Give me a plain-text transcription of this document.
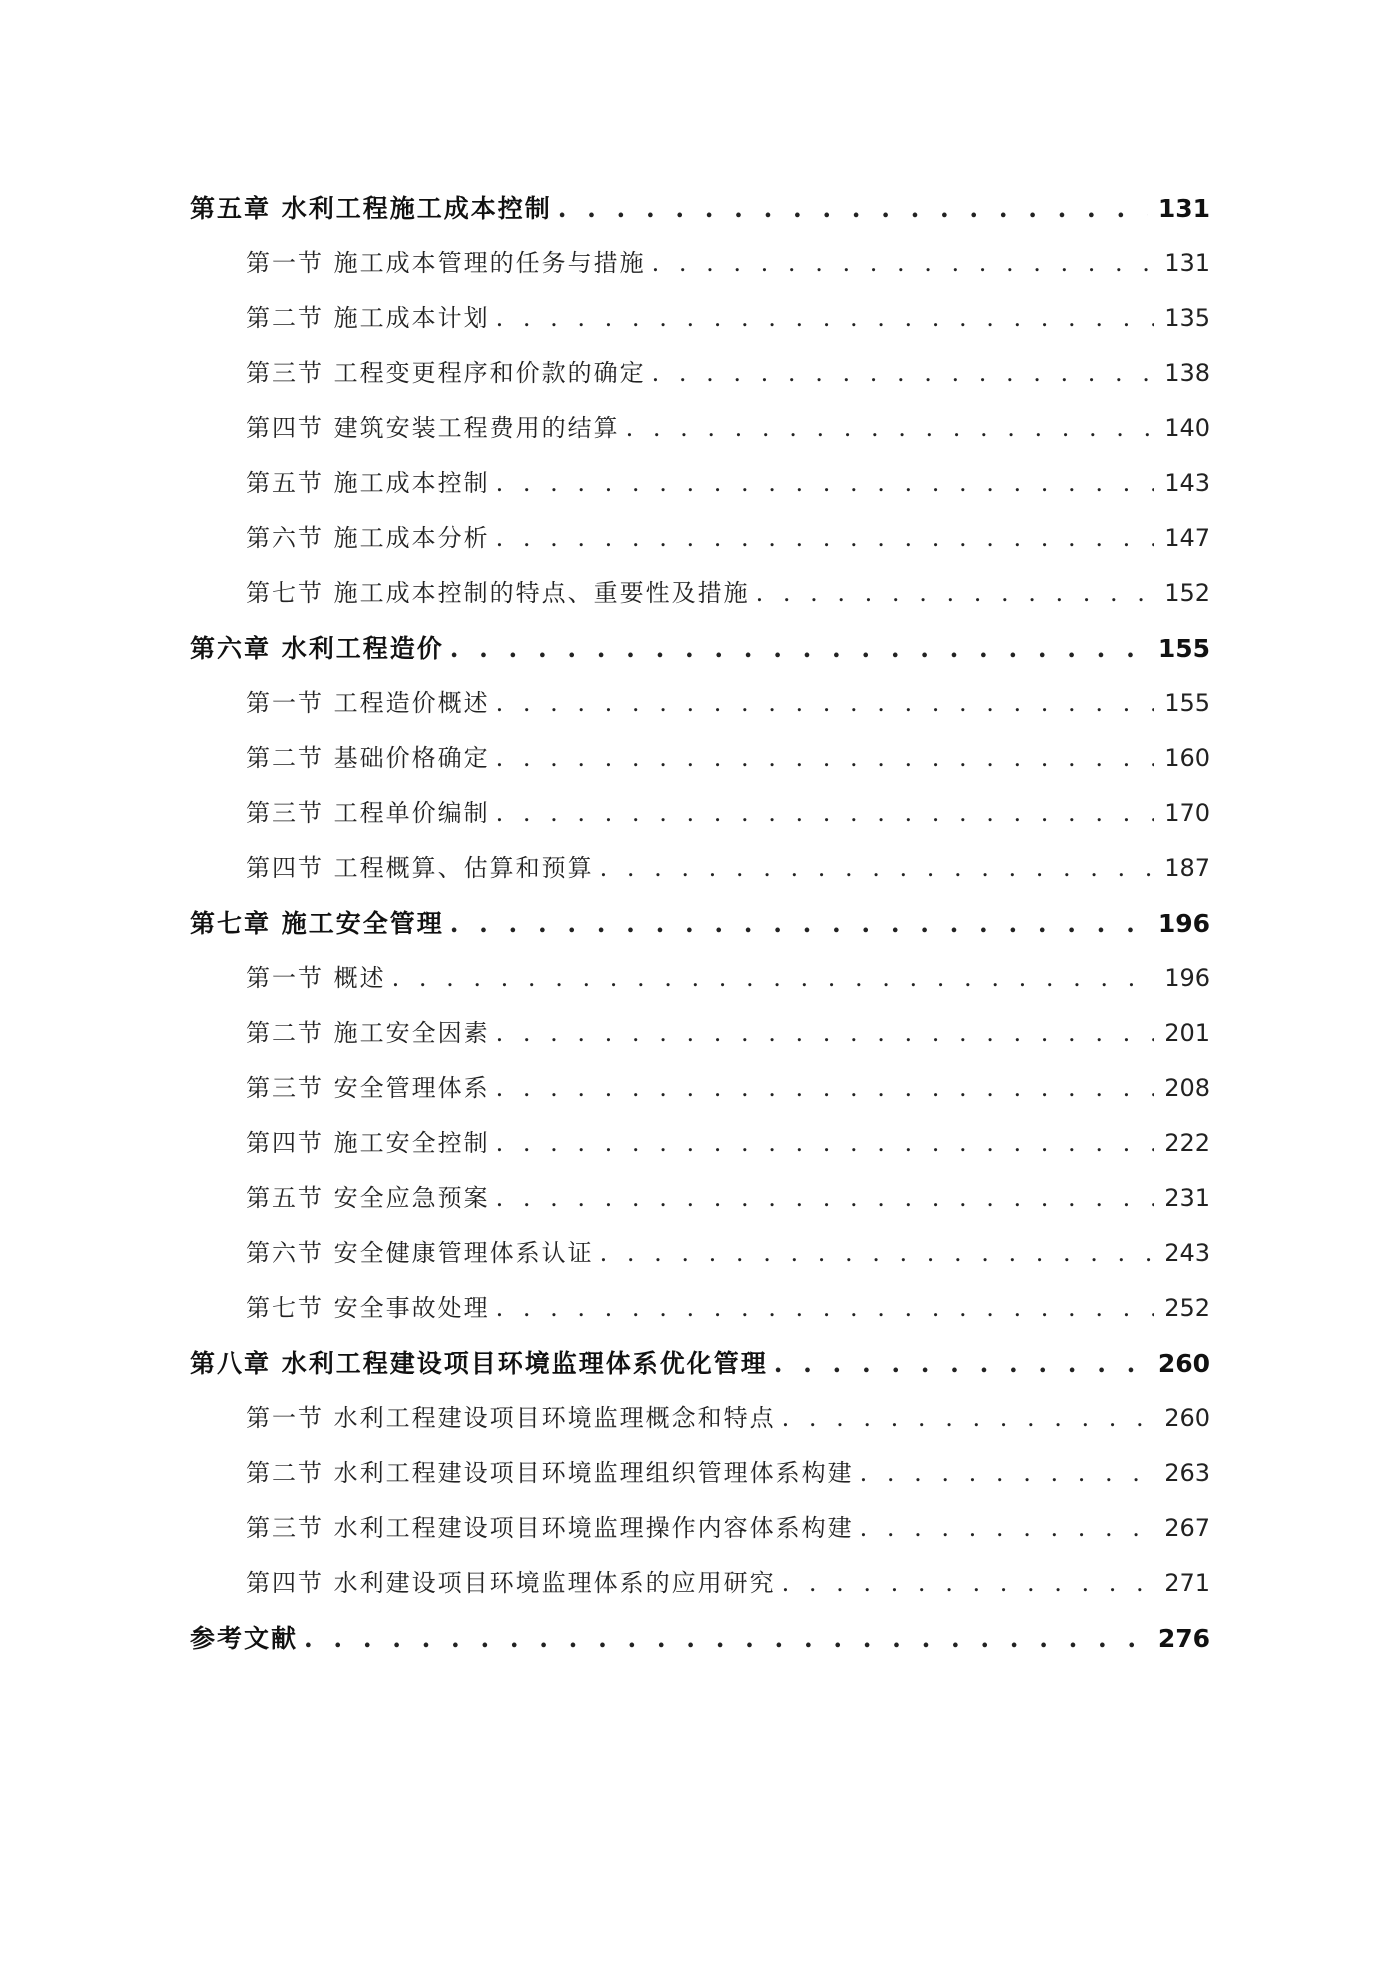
第五章 水利工程施工成本控制 . . .	131
第一节 施工成本管理的任务与措施 . . .	131
第二节 施工成本计划 . . .	135
第三节 工程变更程序和价款的确定 . . .	138
第四节 建筑安装工程费用的结算 . . .	140
第五节 施工成本控制 . . .	143
第六节 施工成本分析 . . .	147
第七节 施工成本控制的特点、重要性及措施 . . .	152
第六章 水利工程造价 . . .	155
第一节 工程造价概述 . . .	155
第二节 基础价格确定 . . .	160
第三节 工程单价编制 . . .	170
第四节 工程概算、估算和预算 . . .	187
第七章 施工安全管理 . . .	196
第一节 概述 . . .	196
第二节 施工安全因素 . . .	201
第三节 安全管理体系 . . .	208
第四节 施工安全控制 . . .	222
第五节 安全应急预案 . . .	231
第六节 安全健康管理体系认证 . . .	243
第七节 安全事故处理 . . .	252
第八章 水利工程建设项目环境监理体系优化管理 . . .	260
第一节 水利工程建设项目环境监理概念和特点 . . .	260
第二节 水利工程建设项目环境监理组织管理体系构建 . . .	263
第三节 水利工程建设项目环境监理操作内容体系构建 . . .	267
第四节 水利建设项目环境监理体系的应用研究 . . .	271
参考文献 . . .	276
